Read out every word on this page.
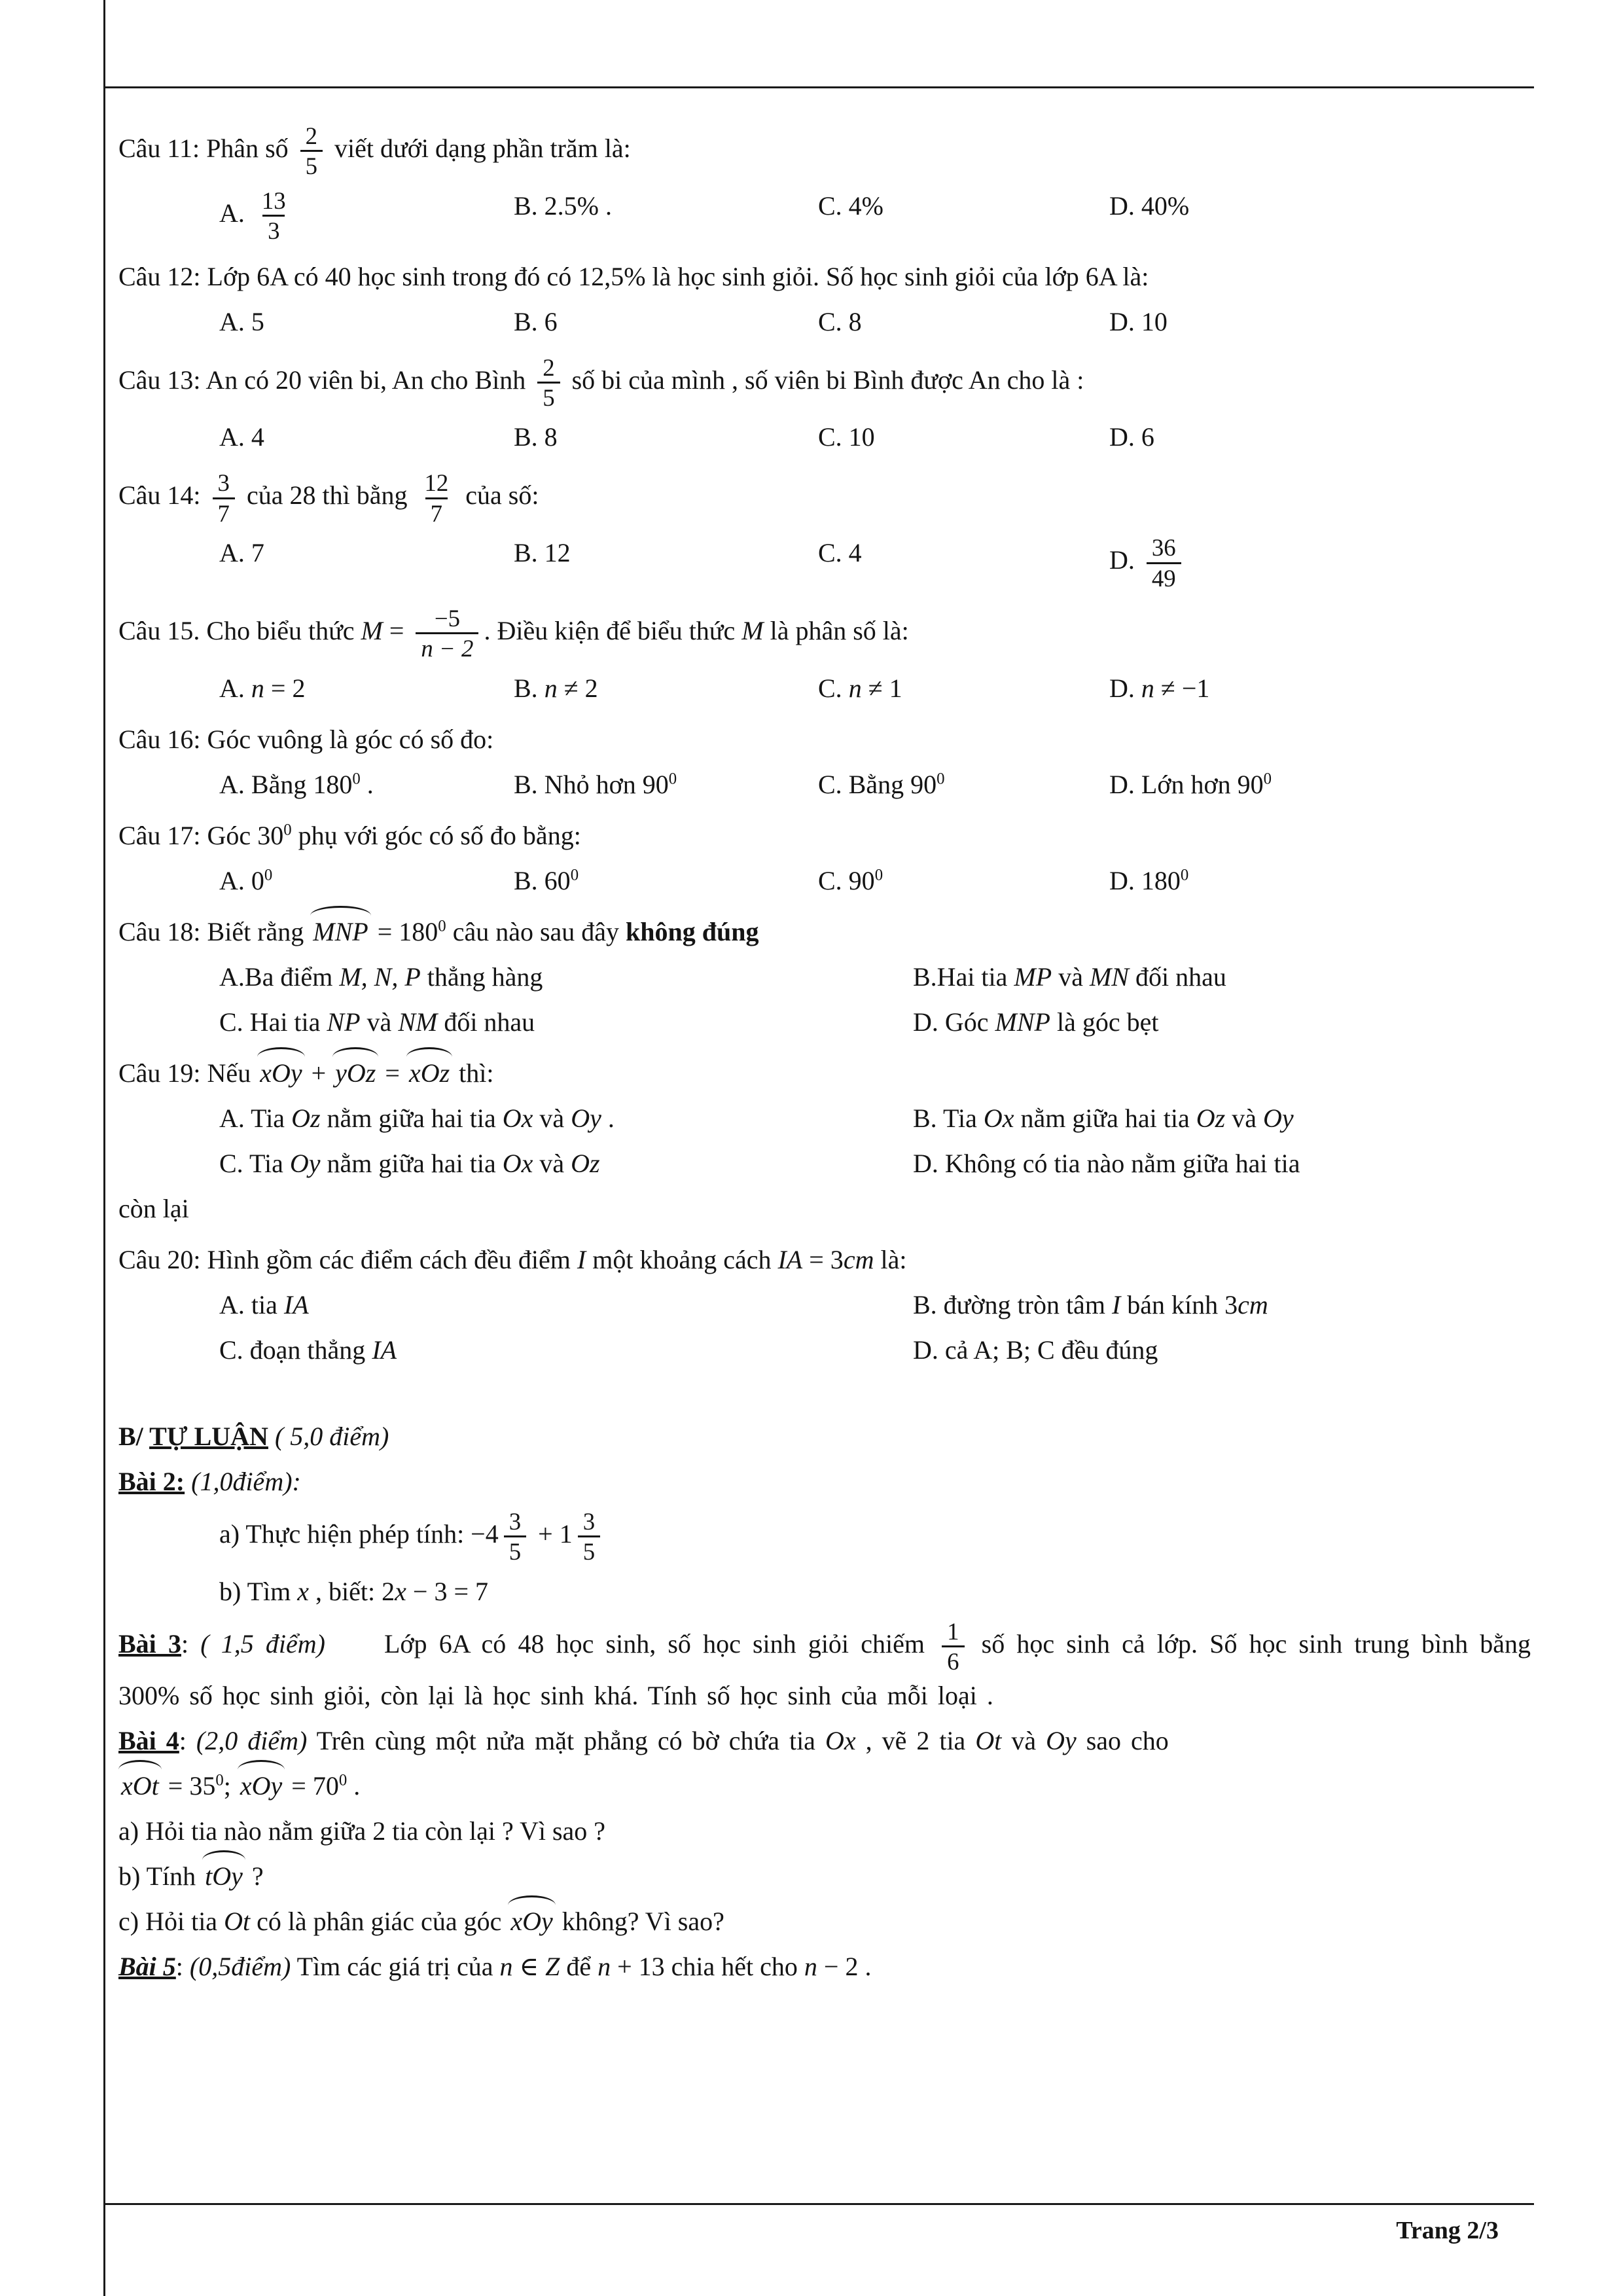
Câu 11: Phân số $\frac{2}{5}$ viết dưới dạng phần trăm là:
A. $\frac{13}{3}$	B. 2.5% .	C. 4%	D. 40%
Câu 12: Lớp 6A có 40 học sinh trong đó có 12,5% là học sinh giỏi. Số học sinh giỏi của lớp 6A là:
A. 5	B. 6	C. 8	D. 10
Câu 13: An có 20 viên bi, An cho Bình $\frac{2}{5}$ số bi của mình , số viên bi Bình được An cho là :
A. 4	B. 8	C. 10	D. 6
Câu 14: $\frac{3}{7}$ của 28 thì bằng $\frac{12}{7}$ của số:
A. 7	B. 12	C. 4	D. $\frac{36}{49}$
Câu 15. Cho biểu thức $M = \frac{-5}{n - 2}$ . Điều kiện để biểu thức M là phân số là:
A. n = 2	B. n ≠ 2	C. n ≠ 1	D. n ≠ −1
Câu 16: Góc vuông là góc có số đo:
A. Bằng $180^0$ .	B. Nhỏ hơn $90^0$	C. Bằng $90^0$	D. Lớn hơn $90^0$
Câu 17: Góc $30^0$ phụ với góc có số đo bằng:
A. $0^0$	B. $60^0$	C. $90^0$	D. $180^0$
Câu 18: Biết rằng MNP = $180^0$ câu nào sau đây không đúng
A.Ba điểm M, N, P thẳng hàng	B.Hai tia MP và MN đối nhau
C. Hai tia NP và NM đối nhau	D. Góc MNP là góc bẹt
Câu 19: Nếu xOy + yOz = xOz thì:
A. Tia Oz nằm giữa hai tia Ox và Oy .	B. Tia Ox nằm giữa hai tia Oz và Oy
C. Tia Oy nằm giữa hai tia Ox và Oz	D. Không có tia nào nằm giữa hai tia
còn lại
Câu 20: Hình gồm các điểm cách đều điểm I một khoảng cách IA = 3cm là:
A. tia IA	B. đường tròn tâm I bán kính 3cm
C. đoạn thẳng IA	D. cả A; B; C đều đúng
B/ TỰ LUẬN ( 5,0 điểm)
Bài 2: (1,0điểm):
a) Thực hiện phép tính: $-4 \frac{3}{5} + 1 \frac{3}{5}$
b) Tìm x , biết: 2x − 3 = 7
Bài 3: ( 1,5 điểm) Lớp 6A có 48 học sinh, số học sinh giỏi chiếm $\frac{1}{6}$ số học sinh cả lớp. Số học sinh trung bình bằng 300% số học sinh giỏi, còn lại là học sinh khá. Tính số học sinh của mỗi loại .
Bài 4: (2,0 điểm) Trên cùng một nửa mặt phẳng có bờ chứa tia Ox , vẽ 2 tia Ot và Oy sao cho
xOt = $35^0$; xOy = $70^0$ .
a) Hỏi tia nào nằm giữa 2 tia còn lại ? Vì sao ?
b) Tính tOy ?
c) Hỏi tia Ot có là phân giác của góc xOy không? Vì sao?
Bài 5: (0,5điểm) Tìm các giá trị của n ∈ Z để n + 13 chia hết cho n − 2 .
Trang 2/3
